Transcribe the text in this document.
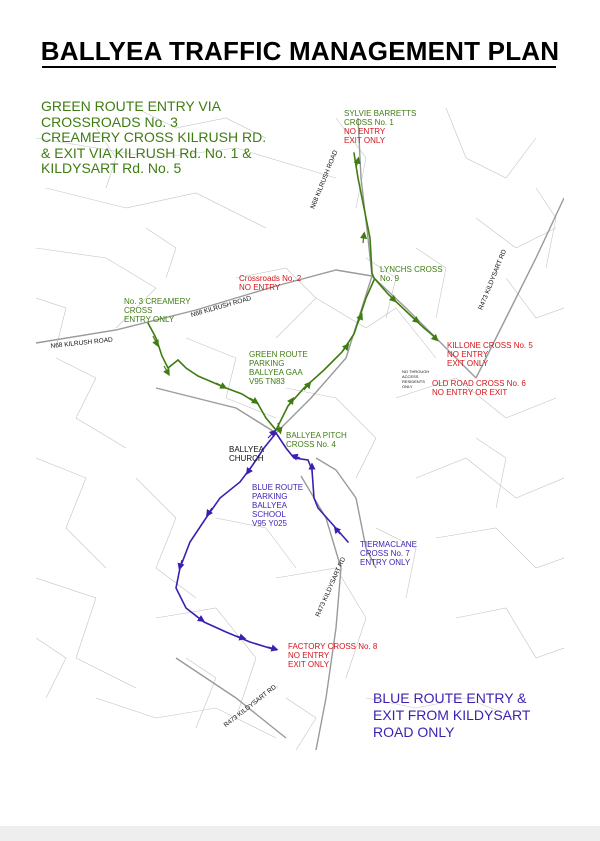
BALLYEA TRAFFIC MANAGEMENT PLAN
GREEN ROUTE ENTRY VIA
CROSSROADS No. 3
CREAMERY CROSS KILRUSH RD.
& EXIT VIA KILRUSH Rd. No. 1 &
KILDYSART Rd. No. 5
BLUE ROUTE ENTRY &
EXIT FROM KILDYSART
ROAD ONLY
SYLVIE BARRETTS
CROSS No. 1
NO ENTRY
EXIT ONLY
Crossroads No. 2
NO ENTRY
LYNCHS CROSS
No. 9
No. 3 CREAMERY
CROSS
ENTRY ONLY
KILLONE CROSS No. 5
NO ENTRY
EXIT ONLY
OLD ROAD CROSS No. 6
NO ENTRY OR EXIT
NO THROUGH
ACCESS
RESIDENTS
ONLY
GREEN ROUTE
PARKING
BALLYEA GAA
V95 TN83
BALLYEA PITCH
CROSS No. 4
BALLYEA
CHURCH
BLUE ROUTE
PARKING
BALLYEA
SCHOOL
V95 Y025
TIERMACLANE
CROSS No. 7
ENTRY ONLY
FACTORY CROSS No. 8
NO ENTRY
EXIT ONLY
N68 KILRUSH ROAD
N68 KILRUSH ROAD
N68 KILRUSH ROAD
R473 KILDYSART RD
R473 KILDYSART RD
R473 KILDYSART RD.
